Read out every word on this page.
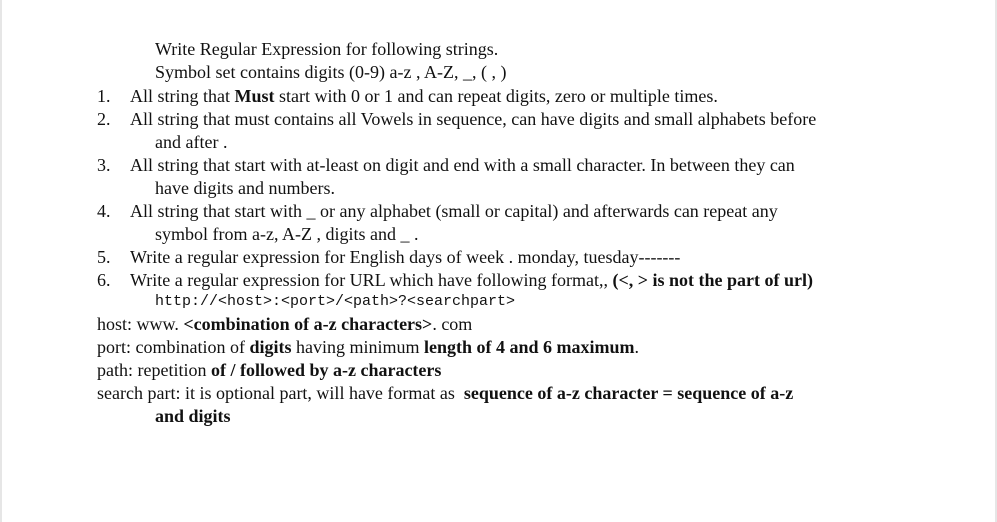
Write Regular Expression for following strings.
Symbol set contains digits (0-9) a-z , A-Z, _, ( , )
1. All string that Must start with 0 or 1 and can repeat digits, zero or multiple times.
2. All string that must contains all Vowels in sequence, can have digits and small alphabets before
and after .
3. All string that start with at-least on digit and end with a small character. In between they can
have digits and numbers.
4. All string that start with _ or any alphabet (small or capital) and afterwards can repeat any
symbol from a-z, A-Z , digits and _ .
5. Write a regular expression for English days of week . monday, tuesday-------
6. Write a regular expression for URL which have following format,, (<, > is not the part of url)
http://<host>:<port>/<path>?<searchpart>
host: www. <combination of a-z characters>. com
port: combination of digits having minimum length of 4 and 6 maximum.
path: repetition of / followed by a-z characters
search part: it is optional part, will have format as  sequence of a-z character = sequence of a-z
and digits
